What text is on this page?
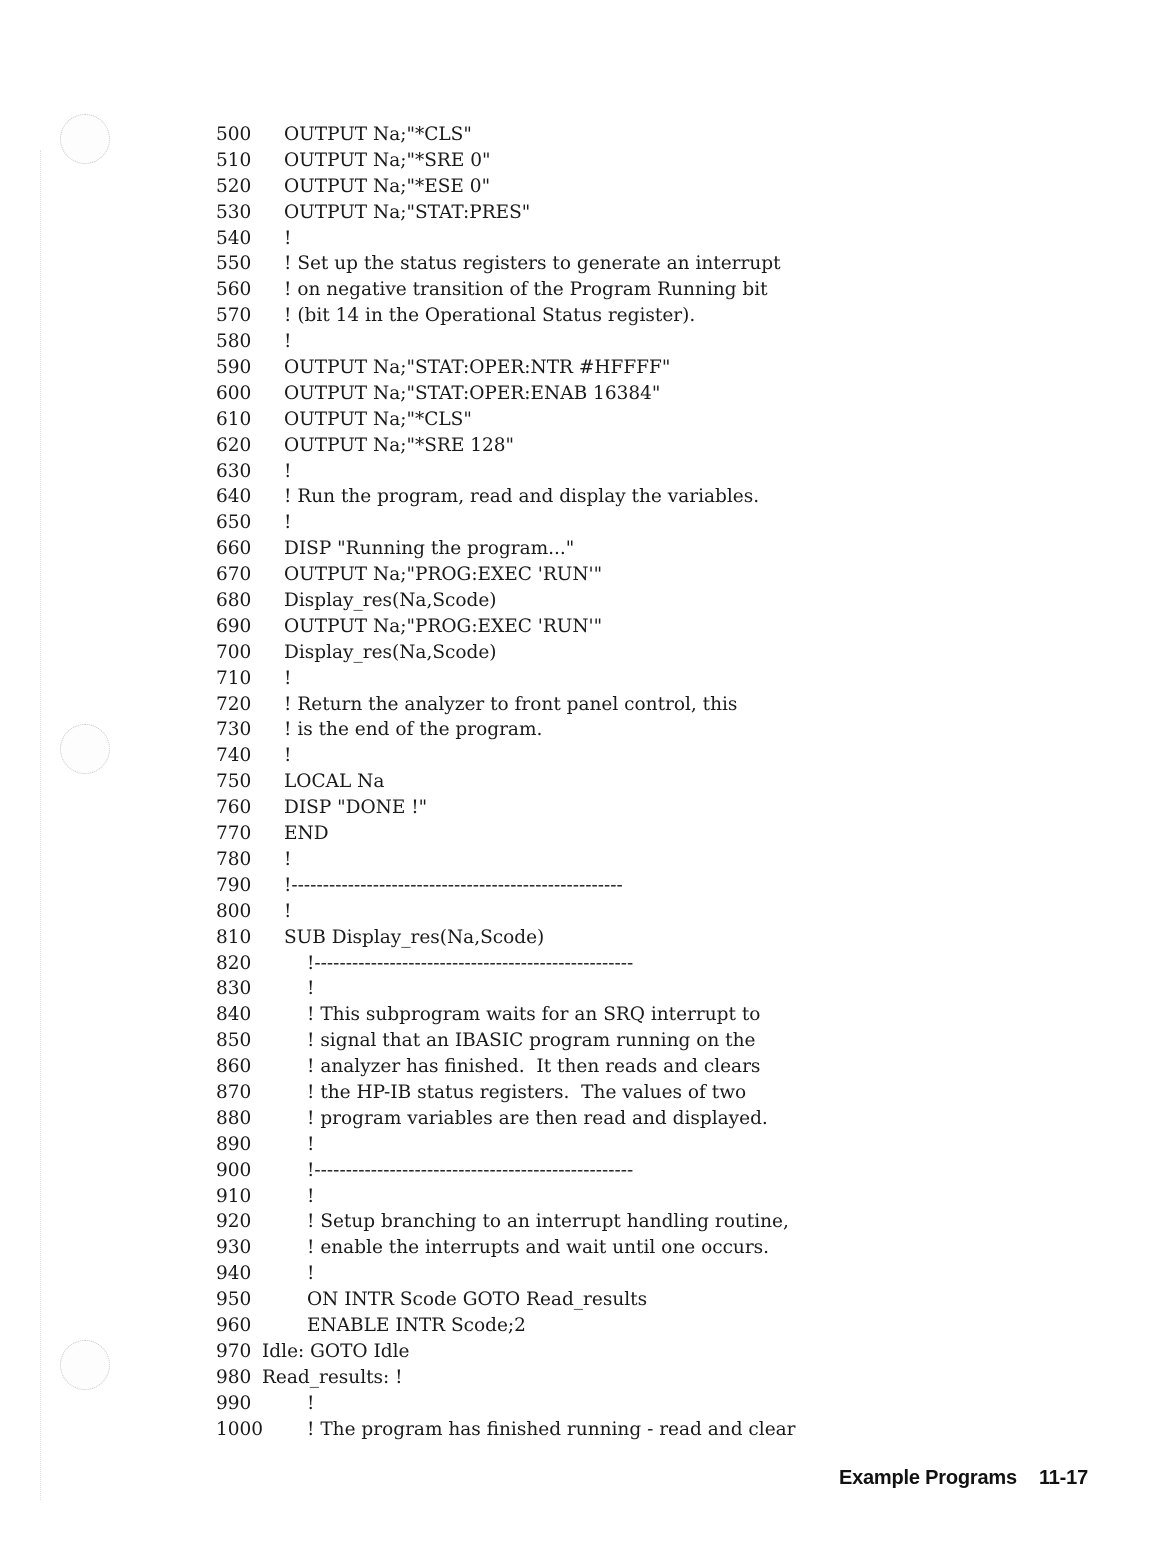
500	OUTPUT Na;"*CLS"
510	OUTPUT Na;"*SRE 0"
520	OUTPUT Na;"*ESE 0"
530	OUTPUT Na;"STAT:PRES"
540	!
550	! Set up the status registers to generate an interrupt
560	! on negative transition of the Program Running bit
570	! (bit 14 in the Operational Status register).
580	!
590	OUTPUT Na;"STAT:OPER:NTR #HFFFF"
600	OUTPUT Na;"STAT:OPER:ENAB 16384"
610	OUTPUT Na;"*CLS"
620	OUTPUT Na;"*SRE 128"
630	!
640	! Run the program, read and display the variables.
650	!
660	DISP "Running the program..."
670	OUTPUT Na;"PROG:EXEC 'RUN'"
680	Display_res(Na,Scode)
690	OUTPUT Na;"PROG:EXEC 'RUN'"
700	Display_res(Na,Scode)
710	!
720	! Return the analyzer to front panel control, this
730	! is the end of the program.
740	!
750	LOCAL Na
760	DISP "DONE !"
770	END
780	!
790	!-----------------------------------------------------
800	!
810	SUB Display_res(Na,Scode)
820	!---------------------------------------------------
830	!
840	! This subprogram waits for an SRQ interrupt to
850	! signal that an IBASIC program running on the
860	! analyzer has finished.  It then reads and clears
870	! the HP-IB status registers.  The values of two
880	! program variables are then read and displayed.
890	!
900	!---------------------------------------------------
910	!
920	! Setup branching to an interrupt handling routine,
930	! enable the interrupts and wait until one occurs.
940	!
950	ON INTR Scode GOTO Read_results
960	ENABLE INTR Scode;2
970 Idle: GOTO Idle
980 Read_results: !
990	!
1000	! The program has finished running - read and clear
Example Programs 11-17
